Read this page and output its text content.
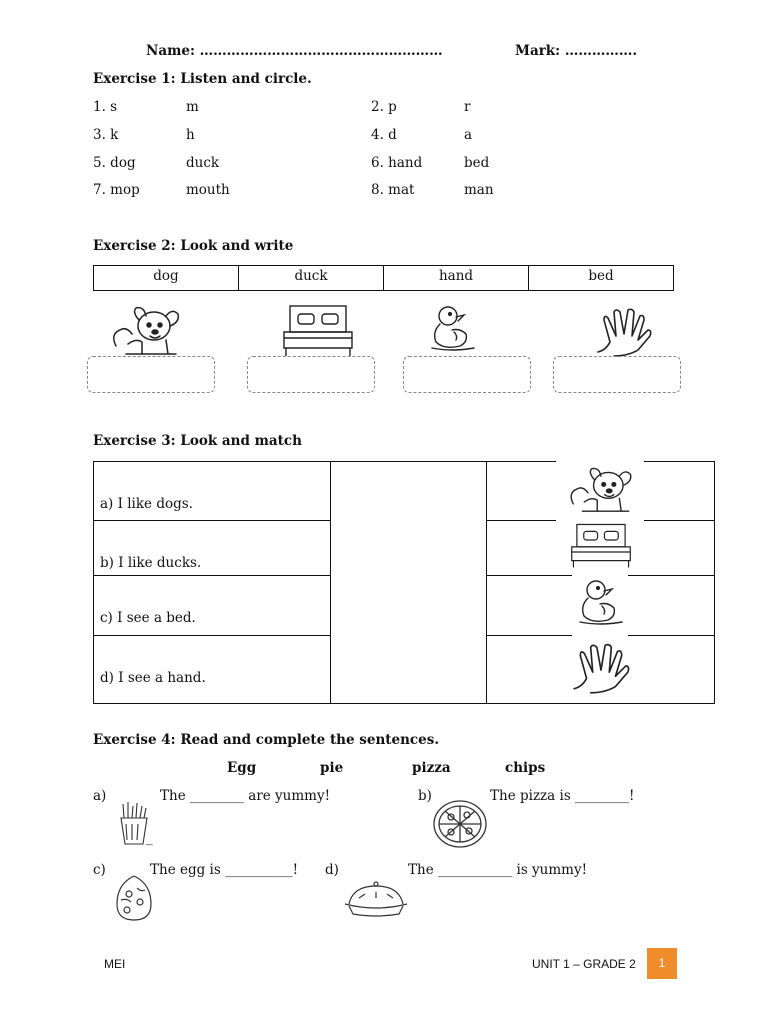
Name: ………………………………………………	Mark: …………….
Exercise 1: Listen and circle.
1. s	m	2. p	r
3. k	h	4. d	a
5. dog	duck	6. hand	bed
7. mop	mouth	8. mat	man
Exercise 2: Look and write
dog	duck	hand	bed
Exercise 3: Look and match
a) I like dogs.
b) I like ducks.
c) I see a bed.
d) I see a hand.
Exercise 4: Read and complete the sentences.
Egg	pie	pizza	chips
a)	The ________ are yummy!	b)	The pizza is ________!
_
c)	The egg is __________! d)	The ___________ is yummy!
MEI	UNIT 1 – GRADE 2	1
